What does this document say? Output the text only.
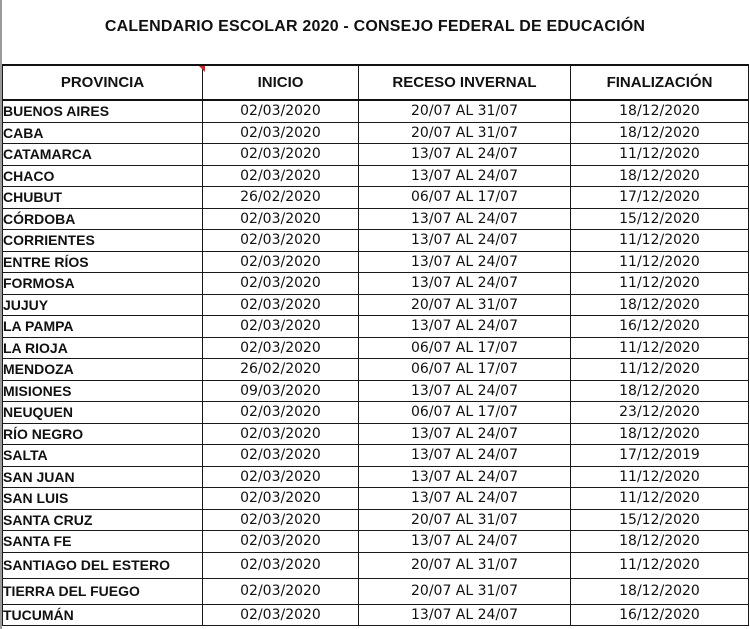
CALENDARIO ESCOLAR 2020 - CONSEJO FEDERAL DE EDUCACIÓN
PROVINCIA	INICIO	RECESO INVERNAL	FINALIZACIÓN
BUENOS AIRES	02/03/2020	20/07 AL 31/07	18/12/2020
CABA	02/03/2020	20/07 AL 31/07	18/12/2020
CATAMARCA	02/03/2020	13/07 AL 24/07	11/12/2020
CHACO	02/03/2020	13/07 AL 24/07	18/12/2020
CHUBUT	26/02/2020	06/07 AL 17/07	17/12/2020
CÓRDOBA	02/03/2020	13/07 AL 24/07	15/12/2020
CORRIENTES	02/03/2020	13/07 AL 24/07	11/12/2020
ENTRE RÍOS	02/03/2020	13/07 AL 24/07	11/12/2020
FORMOSA	02/03/2020	13/07 AL 24/07	11/12/2020
JUJUY	02/03/2020	20/07 AL 31/07	18/12/2020
LA PAMPA	02/03/2020	13/07 AL 24/07	16/12/2020
LA RIOJA	02/03/2020	06/07 AL 17/07	11/12/2020
MENDOZA	26/02/2020	06/07 AL 17/07	11/12/2020
MISIONES	09/03/2020	13/07 AL 24/07	18/12/2020
NEUQUEN	02/03/2020	06/07 AL 17/07	23/12/2020
RÍO NEGRO	02/03/2020	13/07 AL 24/07	18/12/2020
SALTA	02/03/2020	13/07 AL 24/07	17/12/2019
SAN JUAN	02/03/2020	13/07 AL 24/07	11/12/2020
SAN LUIS	02/03/2020	13/07 AL 24/07	11/12/2020
SANTA CRUZ	02/03/2020	20/07 AL 31/07	15/12/2020
SANTA FE	02/03/2020	13/07 AL 24/07	18/12/2020
SANTIAGO DEL ESTERO	02/03/2020	20/07 AL 31/07	11/12/2020
TIERRA DEL FUEGO	02/03/2020	20/07 AL 31/07	18/12/2020
TUCUMÁN	02/03/2020	13/07 AL 24/07	16/12/2020
